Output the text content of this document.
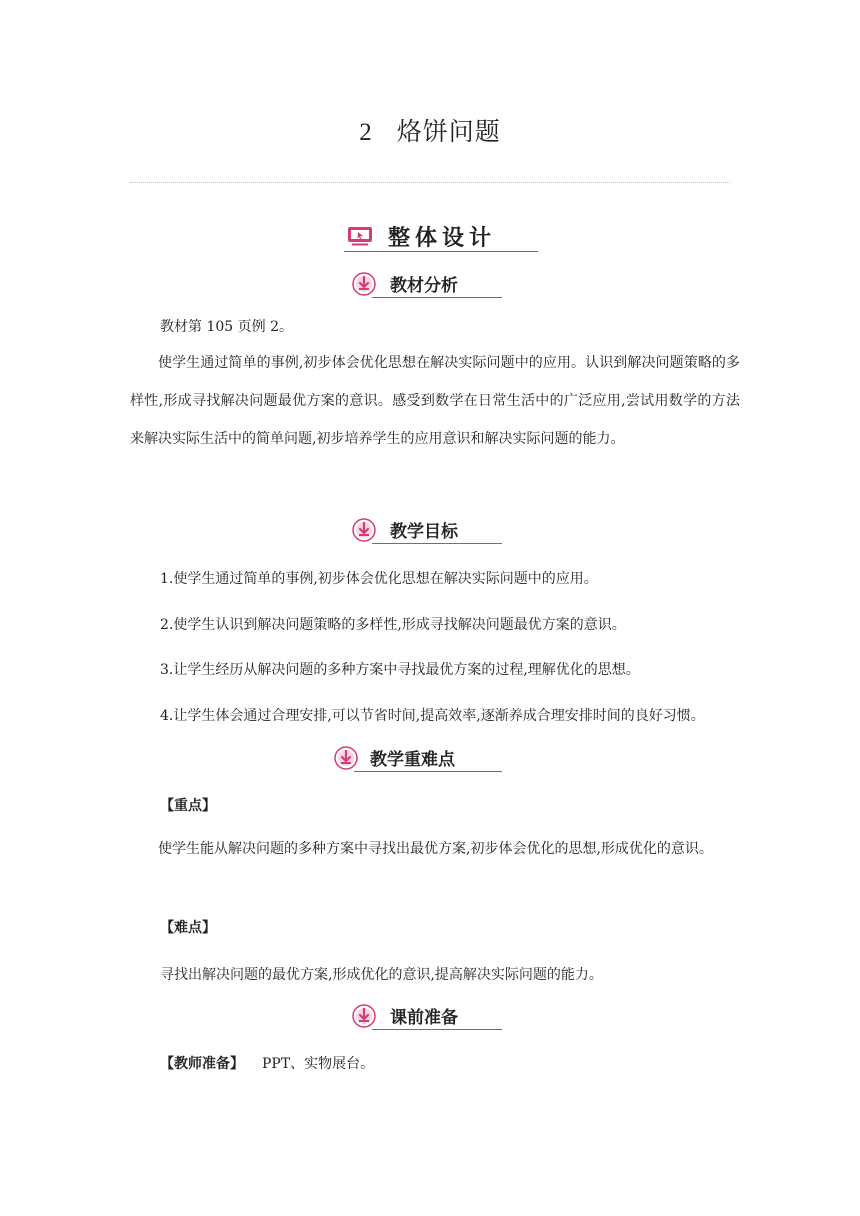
2 烙饼问题
整体设计
教材分析
教材第 105 页例 2。
使学生通过简单的事例,初步体会优化思想在解决实际问题中的应用。认识到解决问题策略的多样性,形成寻找解决问题最优方案的意识。感受到数学在日常生活中的广泛应用,尝试用数学的方法来解决实际生活中的简单问题,初步培养学生的应用意识和解决实际问题的能力。
教学目标
1.使学生通过简单的事例,初步体会优化思想在解决实际问题中的应用。
2.使学生认识到解决问题策略的多样性,形成寻找解决问题最优方案的意识。
3.让学生经历从解决问题的多种方案中寻找最优方案的过程,理解优化的思想。
4.让学生体会通过合理安排,可以节省时间,提高效率,逐渐养成合理安排时间的良好习惯。
教学重难点
【重点】
使学生能从解决问题的多种方案中寻找出最优方案,初步体会优化的思想,形成优化的意识。
【难点】
寻找出解决问题的最优方案,形成优化的意识,提高解决实际问题的能力。
课前准备
【教师准备】 PPT、实物展台。
